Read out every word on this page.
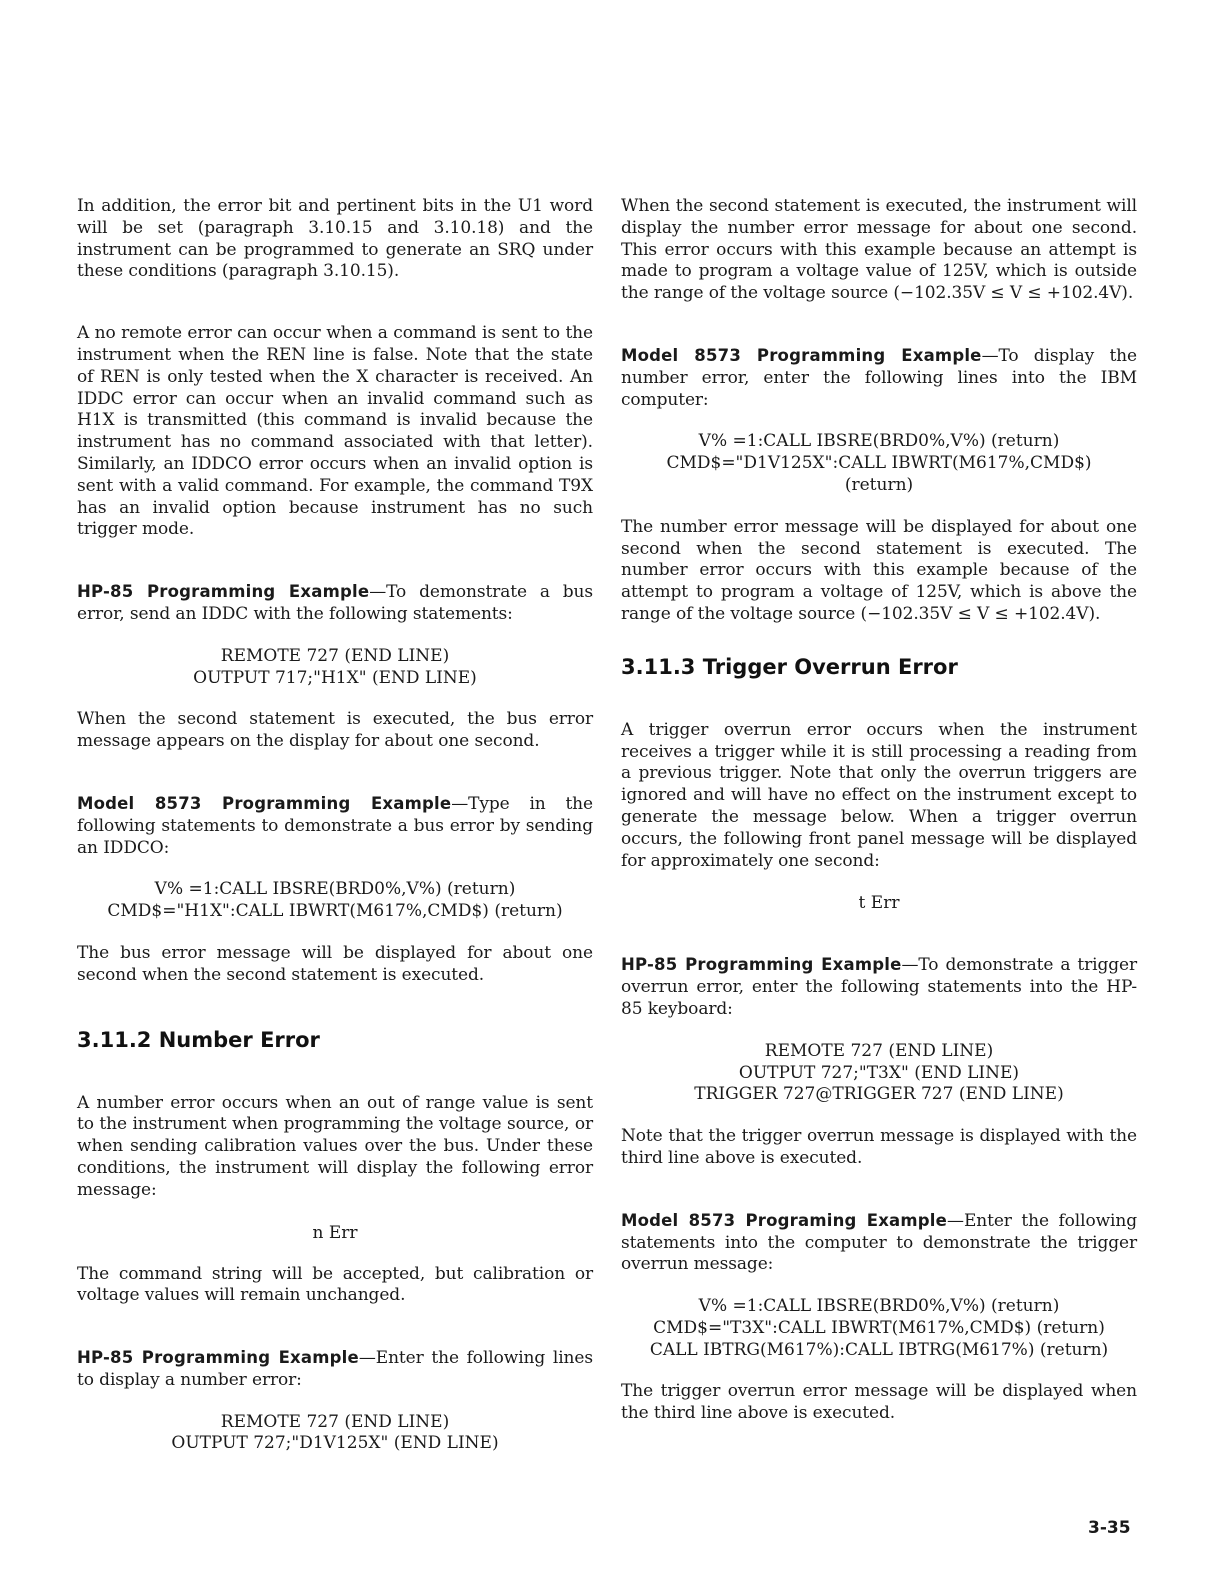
In addition, the error bit and pertinent bits in the U1 word will be set (paragraph 3.10.15 and 3.10.18) and the instrument can be programmed to generate an SRQ under these conditions (paragraph 3.10.15).

A no remote error can occur when a command is sent to the instrument when the REN line is false. Note that the state of REN is only tested when the X character is received. An IDDC error can occur when an invalid command such as H1X is transmitted (this command is invalid because the instrument has no command associated with that letter). Similarly, an IDDCO error occurs when an invalid option is sent with a valid command. For example, the command T9X has an invalid option because instrument has no such trigger mode.

HP-85 Programming Example—To demonstrate a bus error, send an IDDC with the following statements:

REMOTE 727 (END LINE)
OUTPUT 717;"H1X" (END LINE)

When the second statement is executed, the bus error message appears on the display for about one second.

Model 8573 Programming Example—Type in the following statements to demonstrate a bus error by sending an IDDCO:

V% =1:CALL IBSRE(BRD0%,V%) (return)
CMD$="H1X":CALL IBWRT(M617%,CMD$) (return)

The bus error message will be displayed for about one second when the second statement is executed.

3.11.2 Number Error

A number error occurs when an out of range value is sent to the instrument when programming the voltage source, or when sending calibration values over the bus. Under these conditions, the instrument will display the following error message:

n Err

The command string will be accepted, but calibration or voltage values will remain unchanged.

HP-85 Programming Example—Enter the following lines to display a number error:

REMOTE 727 (END LINE)
OUTPUT 727;"D1V125X" (END LINE)

When the second statement is executed, the instrument will display the number error message for about one second. This error occurs with this example because an attempt is made to program a voltage value of 125V, which is outside the range of the voltage source (−102.35V ≤ V ≤ +102.4V).

Model 8573 Programming Example—To display the number error, enter the following lines into the IBM computer:

V% =1:CALL IBSRE(BRD0%,V%) (return)
CMD$="D1V125X":CALL IBWRT(M617%,CMD$)
(return)

The number error message will be displayed for about one second when the second statement is executed. The number error occurs with this example because of the attempt to program a voltage of 125V, which is above the range of the voltage source (−102.35V ≤ V ≤ +102.4V).

3.11.3 Trigger Overrun Error

A trigger overrun error occurs when the instrument receives a trigger while it is still processing a reading from a previous trigger. Note that only the overrun triggers are ignored and will have no effect on the instrument except to generate the message below. When a trigger overrun occurs, the following front panel message will be displayed for approximately one second:

t Err

HP-85 Programming Example—To demonstrate a trigger overrun error, enter the following statements into the HP-85 keyboard:

REMOTE 727 (END LINE)
OUTPUT 727;"T3X" (END LINE)
TRIGGER 727@TRIGGER 727 (END LINE)

Note that the trigger overrun message is displayed with the third line above is executed.

Model 8573 Programing Example—Enter the following statements into the computer to demonstrate the trigger overrun message:

V% =1:CALL IBSRE(BRD0%,V%) (return)
CMD$="T3X":CALL IBWRT(M617%,CMD$) (return)
CALL IBTRG(M617%):CALL IBTRG(M617%) (return)

The trigger overrun error message will be displayed when the third line above is executed.

3-35
